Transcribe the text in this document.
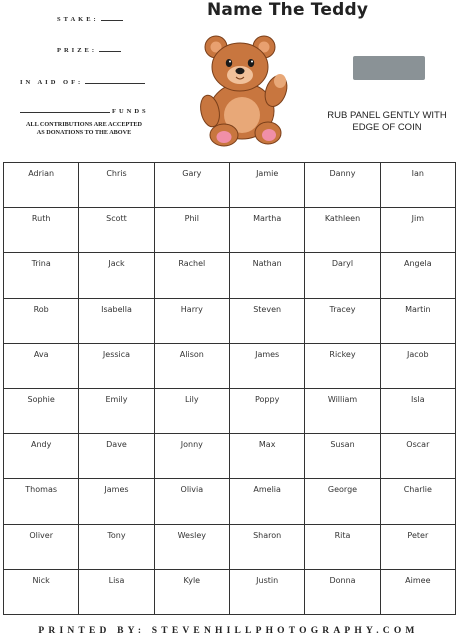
STAKE:
PRIZE:
IN AID OF:
FUNDS
ALL CONTRIBUTIONS ARE ACCEPTED
AS DONATIONS TO THE ABOVE
Name The Teddy
RUB PANEL GENTLY WITH
EDGE OF COIN
Adrian	Chris	Gary	Jamie	Danny	Ian
Ruth	Scott	Phil	Martha	Kathleen	Jim
Trina	Jack	Rachel	Nathan	Daryl	Angela
Rob	Isabella	Harry	Steven	Tracey	Martin
Ava	Jessica	Alison	James	Rickey	Jacob
Sophie	Emily	Lily	Poppy	William	Isla
Andy	Dave	Jonny	Max	Susan	Oscar
Thomas	James	Olivia	Amelia	George	Charlie
Oliver	Tony	Wesley	Sharon	Rita	Peter
Nick	Lisa	Kyle	Justin	Donna	Aimee
PRINTED BY: STEVENHILLPHOTOGRAPHY.COM
